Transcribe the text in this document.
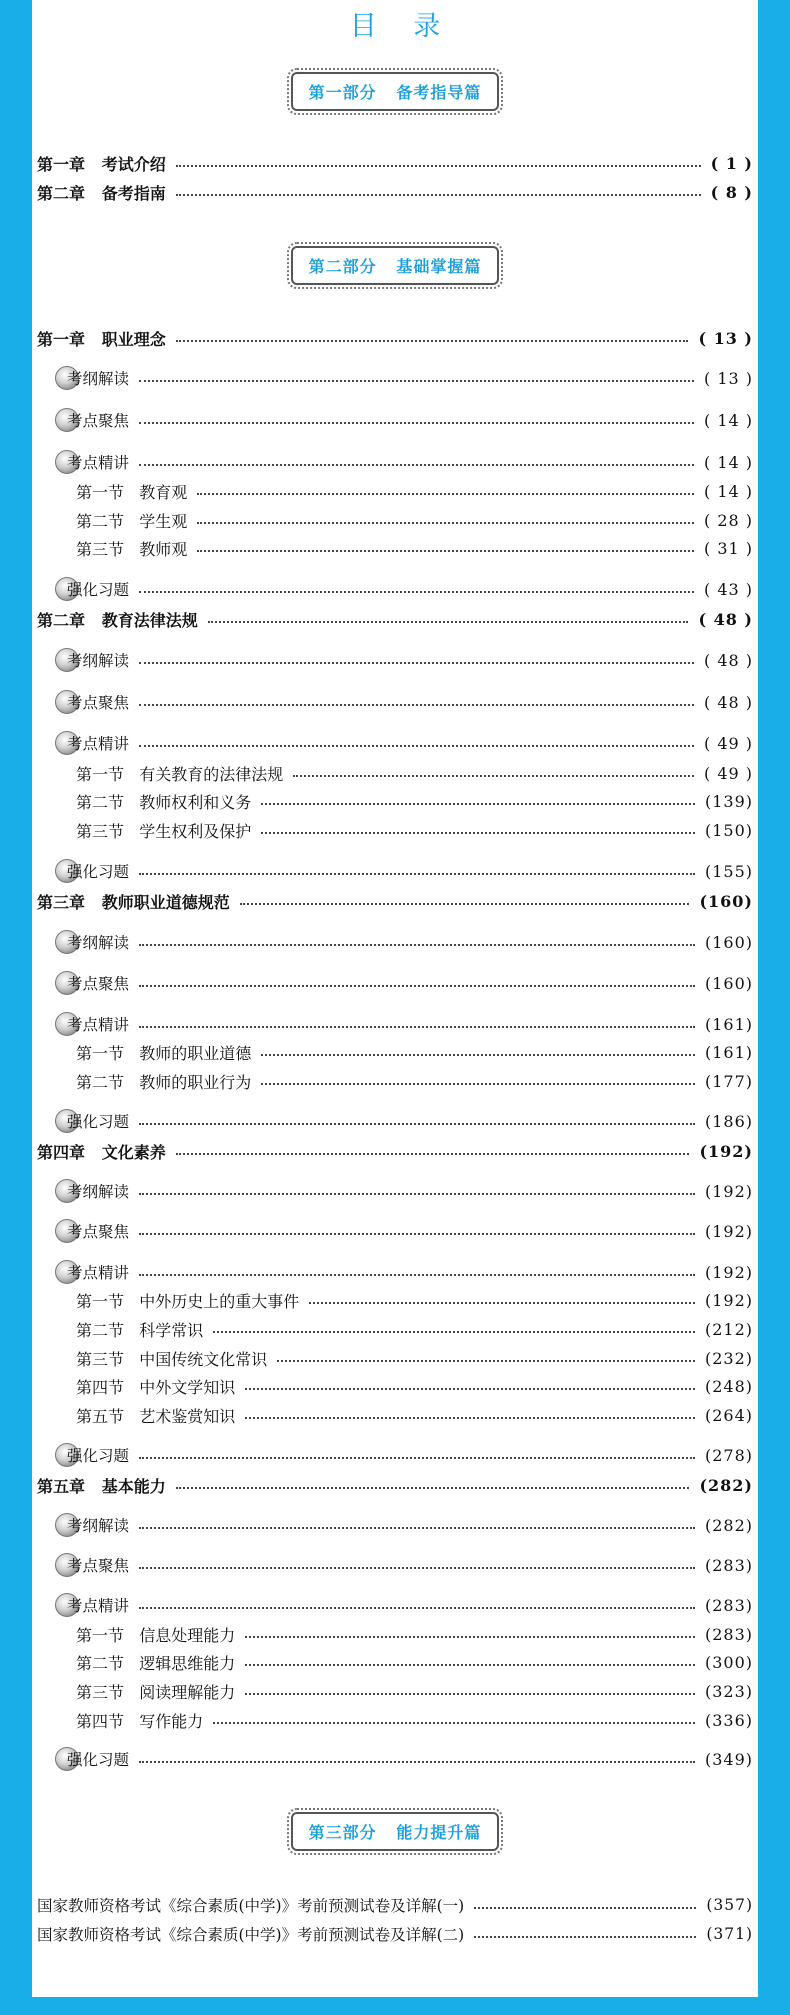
目 录
第一部分   备考指导篇
第一章   考试介绍	( 1 )
第二章   备考指南	( 8 )
第二部分   基础掌握篇
第一章   职业理念	( 13 )
考纲解读	( 13 )
考点聚焦	( 14 )
考点精讲	( 14 )
第一节   教育观	( 14 )
第二节   学生观	( 28 )
第三节   教师观	( 31 )
强化习题	( 43 )
第二章   教育法律法规	( 48 )
考纲解读	( 48 )
考点聚焦	( 48 )
考点精讲	( 49 )
第一节   有关教育的法律法规	( 49 )
第二节   教师权利和义务	(139)
第三节   学生权利及保护	(150)
强化习题	(155)
第三章   教师职业道德规范	(160)
考纲解读	(160)
考点聚焦	(160)
考点精讲	(161)
第一节   教师的职业道德	(161)
第二节   教师的职业行为	(177)
强化习题	(186)
第四章   文化素养	(192)
考纲解读	(192)
考点聚焦	(192)
考点精讲	(192)
第一节   中外历史上的重大事件	(192)
第二节   科学常识	(212)
第三节   中国传统文化常识	(232)
第四节   中外文学知识	(248)
第五节   艺术鉴赏知识	(264)
强化习题	(278)
第五章   基本能力	(282)
考纲解读	(282)
考点聚焦	(283)
考点精讲	(283)
第一节   信息处理能力	(283)
第二节   逻辑思维能力	(300)
第三节   阅读理解能力	(323)
第四节   写作能力	(336)
强化习题	(349)
第三部分   能力提升篇
国家教师资格考试《综合素质(中学)》考前预测试卷及详解(一)	(357)
国家教师资格考试《综合素质(中学)》考前预测试卷及详解(二)	(371)
